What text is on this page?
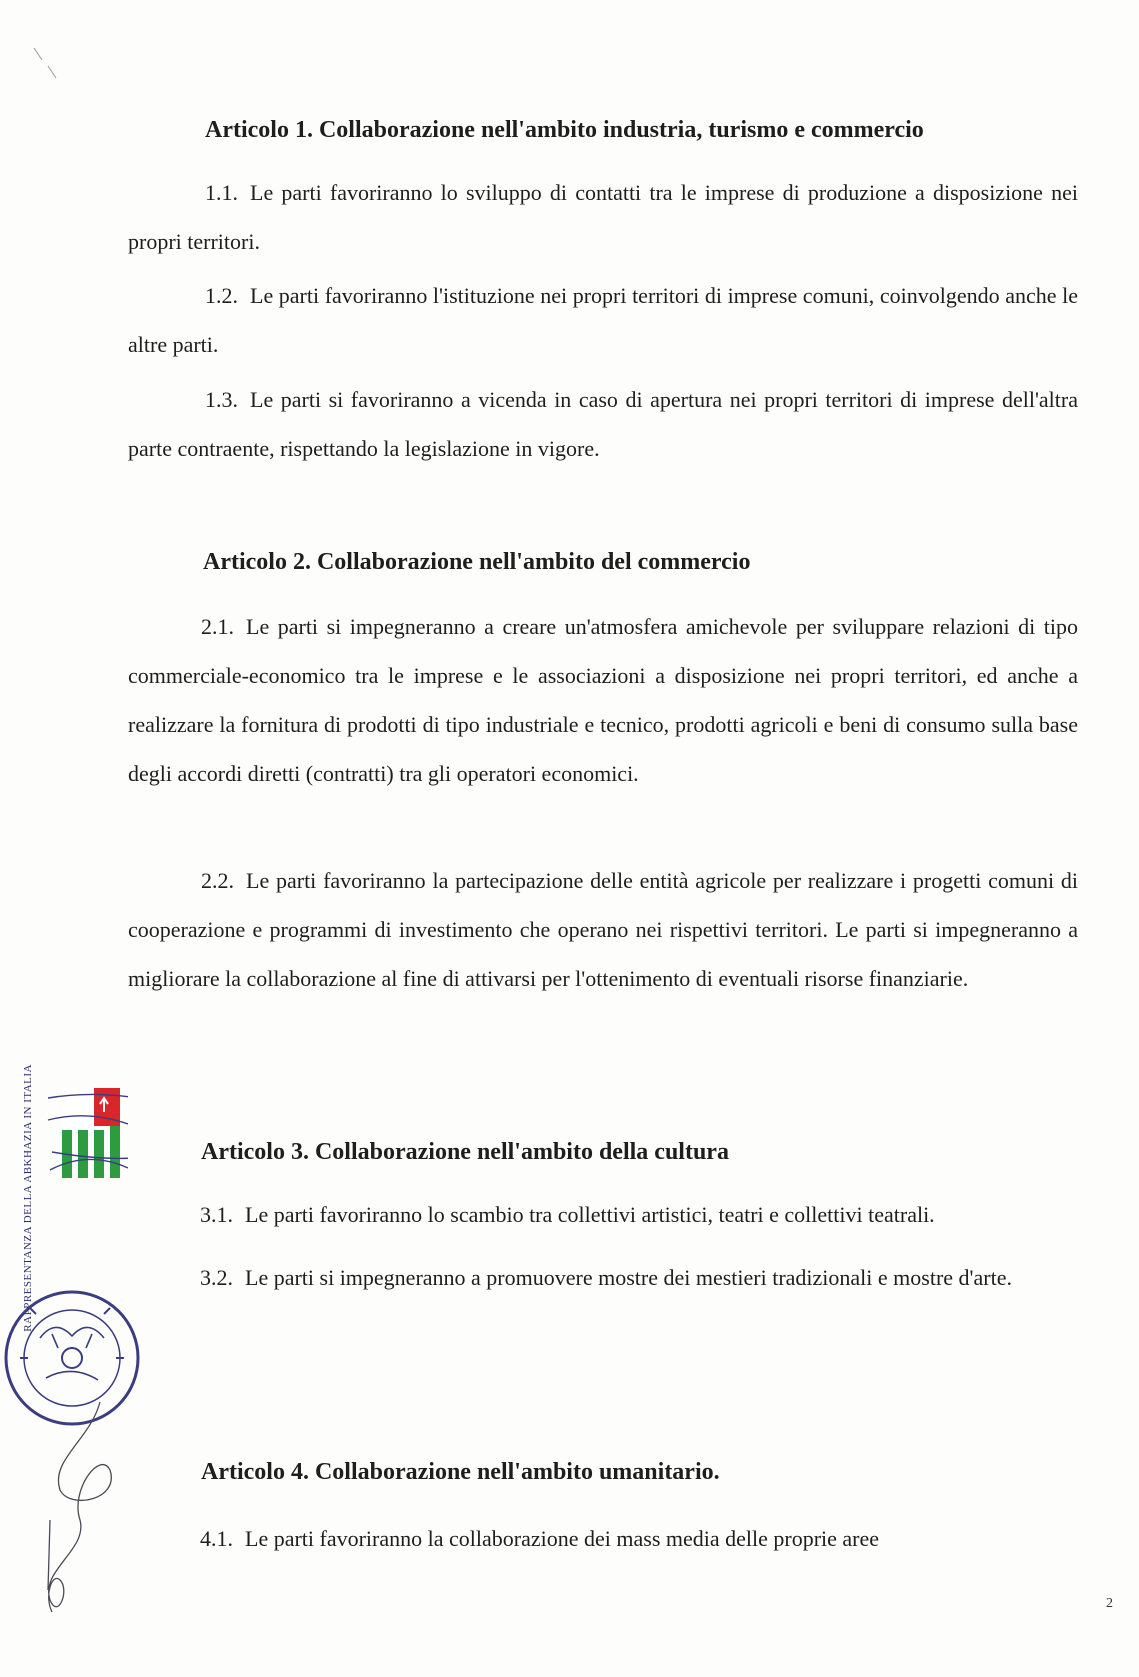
Articolo 1. Collaborazione nell'ambito industria, turismo e commercio

1.1. Le parti favoriranno lo sviluppo di contatti tra le imprese di produzione a disposizione nei propri territori.

1.2. Le parti favoriranno l'istituzione nei propri territori di imprese comuni, coinvolgendo anche le altre parti.

1.3. Le parti si favoriranno a vicenda in caso di apertura nei propri territori di imprese dell'altra parte contraente, rispettando la legislazione in vigore.

Articolo 2. Collaborazione nell'ambito del commercio

2.1. Le parti si impegneranno a creare un'atmosfera amichevole per sviluppare relazioni di tipo commerciale-economico tra le imprese e le associazioni a disposizione nei propri territori, ed anche a realizzare la fornitura di prodotti di tipo industriale e tecnico, prodotti agricoli e beni di consumo sulla base degli accordi diretti (contratti) tra gli operatori economici.

2.2. Le parti favoriranno la partecipazione delle entità agricole per realizzare i progetti comuni di cooperazione e programmi di investimento che operano nei rispettivi territori. Le parti si impegneranno a migliorare la collaborazione al fine di attivarsi per l'ottenimento di eventuali risorse finanziarie.

Articolo 3. Collaborazione nell'ambito della cultura

3.1. Le parti favoriranno lo scambio tra collettivi artistici, teatri e collettivi teatrali.

3.2. Le parti si impegneranno a promuovere mostre dei mestieri tradizionali e mostre d'arte.

Articolo 4. Collaborazione nell'ambito umanitario.

4.1. Le parti favoriranno la collaborazione dei mass media delle proprie aree

RAPPRESENTANZA DELLA ABKHAZIA IN ITALIA
2
